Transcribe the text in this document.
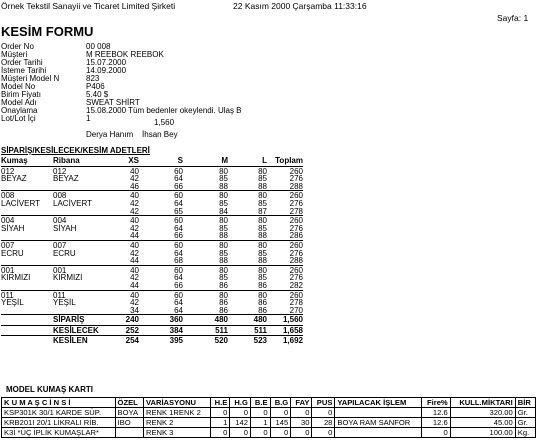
Örnek Tekstil Sanayii ve Ticaret Limited Şirketi	22 Kasım 2000 Çarşamba 11:33:16
Sayfa: 1
KESİM FORMU
Order No	00 008
Müşteri	M REEBOK REEBOK
Order Tarihi	15.07.2000
İsteme Tarihi	14.09.2000
Müşteri Model N	823
Model No	P406
Birim Fiyatı	5.40 $
Model Adı	SWEAT SHİRT
Onaylama	15.08.2000 Tüm bedenler okeylendi. Ulaş B
Lot/Lot İçi	1	1,560
Derya Hanım    İhsan Bey
SİPARİŞ/KESİLECEK/KESİM ADETLERİ
Kumaş	Ribana	XS	S	M	L	Toplam
012	012	40	60	80	80	260
BEYAZ	BEYAZ	42	64	85	85	276
		46	66	88	88	288
008	008	40	60	80	80	260
LACİVERT	LACİVERT	42	64	85	85	276
		42	65	84	87	278
004	004	40	60	80	80	260
SİYAH	SİYAH	42	64	85	85	276
		44	66	88	88	286
007	007	40	60	80	80	260
ECRU	ECRU	42	64	85	85	276
		44	68	88	88	288
001	001	40	60	80	80	260
KIRMIZI	KIRMIZI	42	64	85	85	276
		44	66	86	86	282
011	011	40	60	80	80	260
YEŞİL	YEŞİL	42	64	86	86	278
		34	64	86	86	270
	SİPARİŞ	240	360	480	480	1,560
	KESİLECEK	252	384	511	511	1,658
	KESİLEN	254	395	520	523	1,692
MODEL KUMAŞ KARTI
K U M A Ş C İ N S İ	ÖZEL	VARİASYONU	H.E	H.G	B.E	B.G	FAY	PUS	YAPILACAK İŞLEM	Fire%	KULL.MİKTARI	BİR
KSP301K 30/1 KARDE SÜP.	BOYA	RENK 1RENK 2	0	0	0	0	0	0		12.6	320.00	Gr.
KRB201I 20/1 LİKRALI RİB.	IBO	RENK 2	1	142	1	145	30	28	BOYA RAM SANFOR	12.6	45.00	Gr.
K3İ *ÜÇ İPLİK KUMAŞLAR*		RENK 3	0	0	0	0	0	0		0	100.00	Kg.
